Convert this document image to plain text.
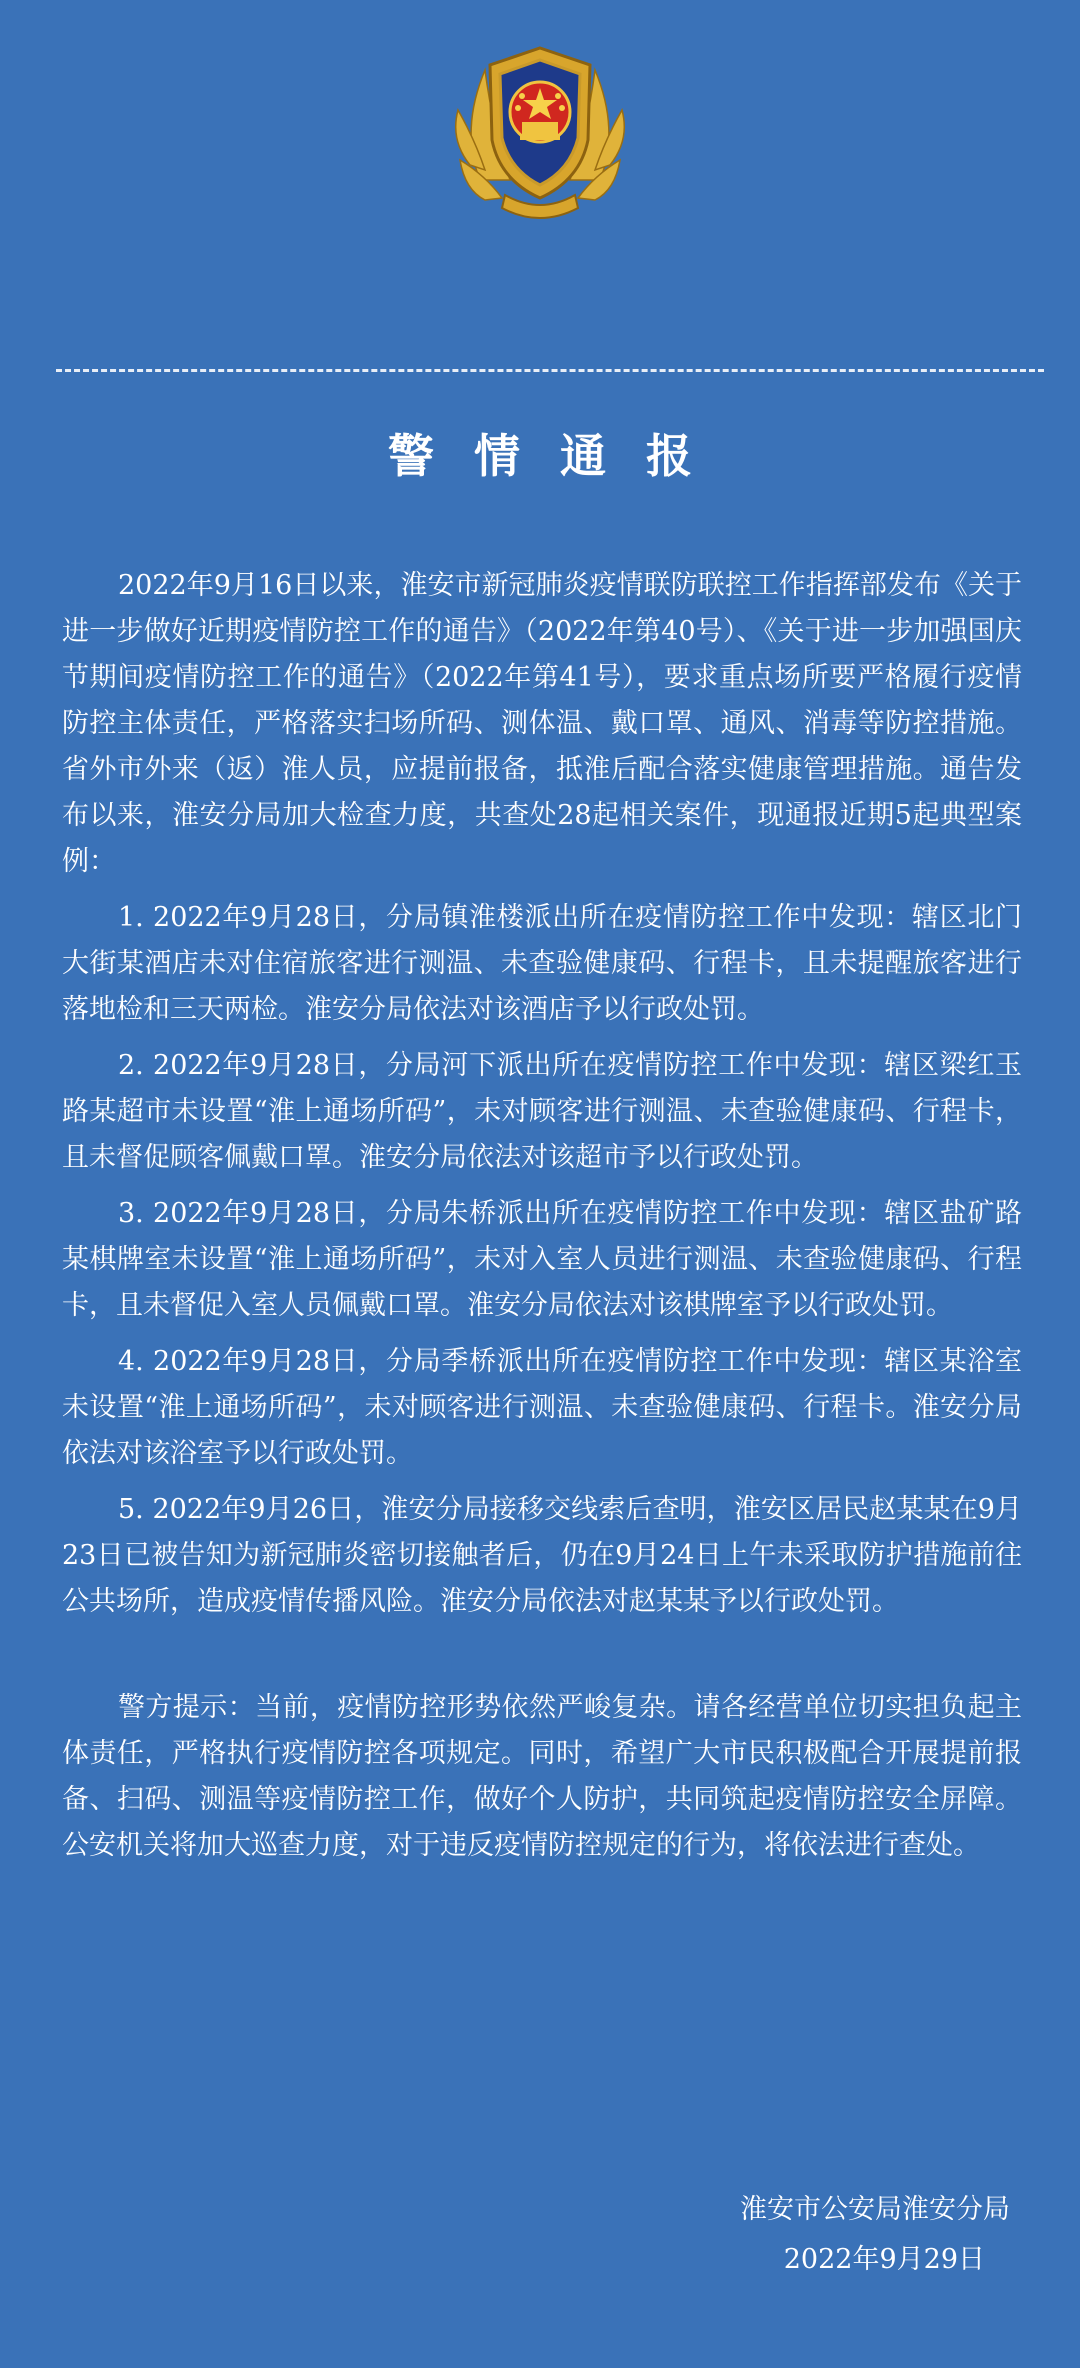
警情通报

2022年9月16日以来，淮安市新冠肺炎疫情联防联控工作指挥部发布《关于进一步做好近期疫情防控工作的通告》（2022年第40号）、《关于进一步加强国庆节期间疫情防控工作的通告》（2022年第41号），要求重点场所要严格履行疫情防控主体责任，严格落实扫场所码、测体温、戴口罩、通风、消毒等防控措施。省外市外来（返）淮人员，应提前报备，抵淮后配合落实健康管理措施。通告发布以来，淮安分局加大检查力度，共查处28起相关案件，现通报近期5起典型案例：

1. 2022年9月28日，分局镇淮楼派出所在疫情防控工作中发现：辖区北门大街某酒店未对住宿旅客进行测温、未查验健康码、行程卡，且未提醒旅客进行落地检和三天两检。淮安分局依法对该酒店予以行政处罚。

2. 2022年9月28日，分局河下派出所在疫情防控工作中发现：辖区梁红玉路某超市未设置“淮上通场所码”，未对顾客进行测温、未查验健康码、行程卡，且未督促顾客佩戴口罩。淮安分局依法对该超市予以行政处罚。

3. 2022年9月28日，分局朱桥派出所在疫情防控工作中发现：辖区盐矿路某棋牌室未设置“淮上通场所码”，未对入室人员进行测温、未查验健康码、行程卡，且未督促入室人员佩戴口罩。淮安分局依法对该棋牌室予以行政处罚。

4. 2022年9月28日，分局季桥派出所在疫情防控工作中发现：辖区某浴室未设置“淮上通场所码”，未对顾客进行测温、未查验健康码、行程卡。淮安分局依法对该浴室予以行政处罚。

5. 2022年9月26日，淮安分局接移交线索后查明，淮安区居民赵某某在9月23日已被告知为新冠肺炎密切接触者后，仍在9月24日上午未采取防护措施前往公共场所，造成疫情传播风险。淮安分局依法对赵某某予以行政处罚。

警方提示：当前，疫情防控形势依然严峻复杂。请各经营单位切实担负起主体责任，严格执行疫情防控各项规定。同时，希望广大市民积极配合开展提前报备、扫码、测温等疫情防控工作，做好个人防护，共同筑起疫情防控安全屏障。公安机关将加大巡查力度，对于违反疫情防控规定的行为，将依法进行查处。

淮安市公安局淮安分局
2022年9月29日
